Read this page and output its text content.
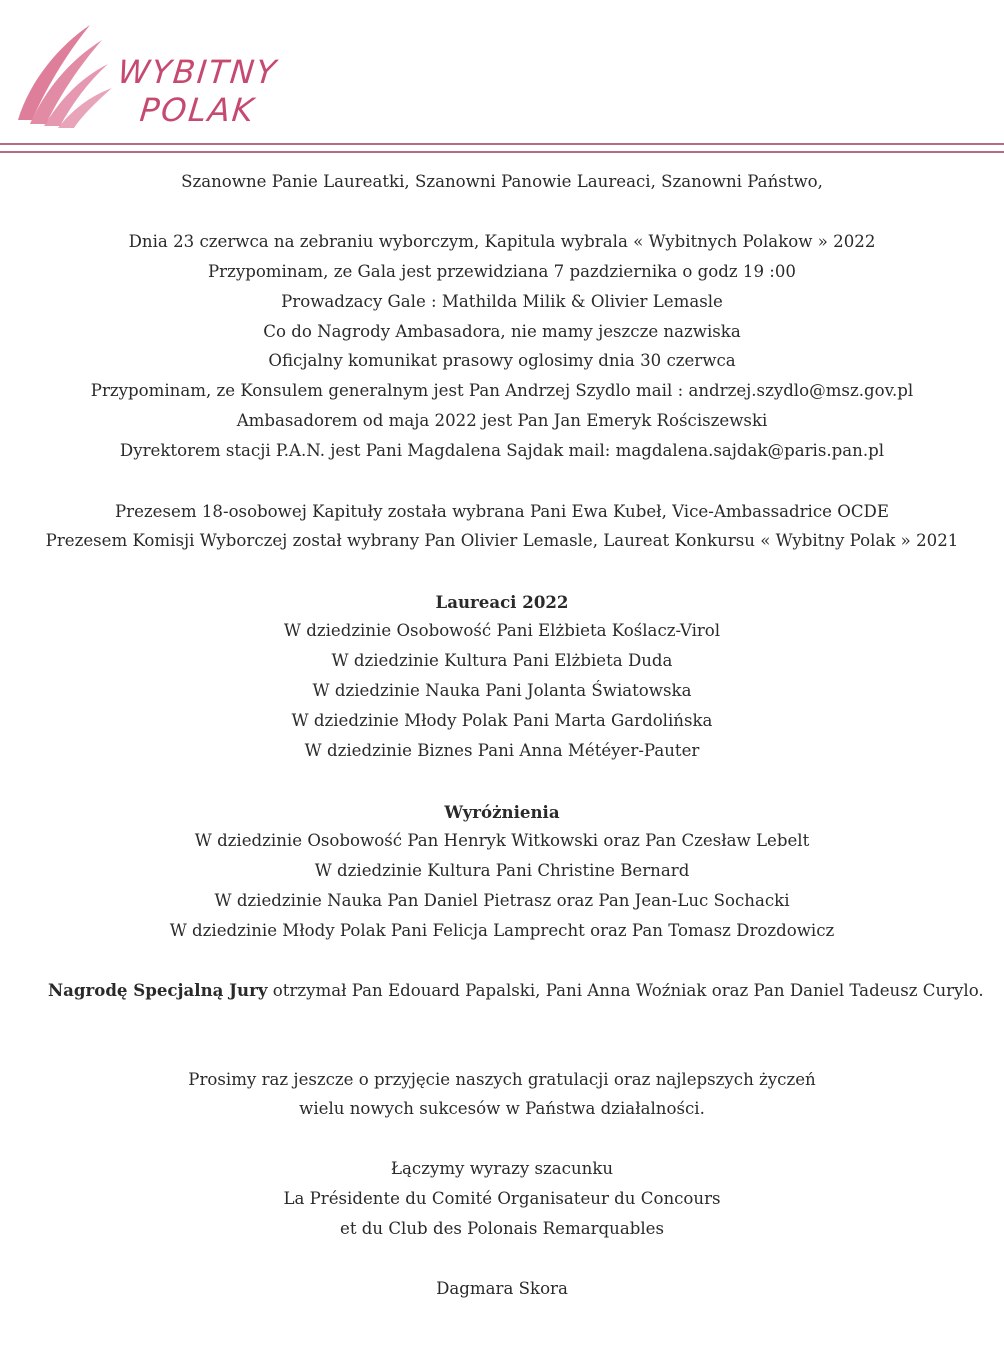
WYBITNY
POLAK
Szanowne Panie Laureatki, Szanowni Panowie Laureaci, Szanowni Państwo,
Dnia 23 czerwca na zebraniu wyborczym, Kapitula wybrala « Wybitnych Polakow » 2022
Przypominam, ze Gala jest przewidziana 7 pazdziernika o godz 19 :00
Prowadzacy Gale : Mathilda Milik & Olivier Lemasle
Co do Nagrody Ambasadora, nie mamy jeszcze nazwiska
Oficjalny komunikat prasowy oglosimy dnia 30 czerwca
Przypominam, ze Konsulem generalnym jest Pan Andrzej Szydlo mail : andrzej.szydlo@msz.gov.pl
Ambasadorem od maja 2022 jest Pan Jan Emeryk Rościszewski
Dyrektorem stacji P.A.N. jest Pani Magdalena Sajdak mail: magdalena.sajdak@paris.pan.pl
Prezesem 18-osobowej Kapituły została wybrana Pani Ewa Kubeł, Vice-Ambassadrice OCDE
Prezesem Komisji Wyborczej został wybrany Pan Olivier Lemasle, Laureat Konkursu « Wybitny Polak » 2021
Laureaci 2022
W dziedzinie Osobowość Pani Elżbieta Koślacz-Virol
W dziedzinie Kultura Pani Elżbieta Duda
W dziedzinie Nauka Pani Jolanta Światowska
W dziedzinie Młody Polak Pani Marta Gardolińska
W dziedzinie Biznes Pani Anna Météyer-Pauter
Wyróżnienia
W dziedzinie Osobowość Pan Henryk Witkowski oraz Pan Czesław Lebelt
W dziedzinie Kultura Pani Christine Bernard
W dziedzinie Nauka Pan Daniel Pietrasz oraz Pan Jean-Luc Sochacki
W dziedzinie Młody Polak Pani Felicja Lamprecht oraz Pan Tomasz Drozdowicz
Nagrodę Specjalną Jury otrzymał Pan Edouard Papalski, Pani Anna Woźniak oraz Pan Daniel Tadeusz Curylo.
Prosimy raz jeszcze o przyjęcie naszych gratulacji oraz najlepszych życzeń
wielu nowych sukcesów w Państwa działalności.
Łączymy wyrazy szacunku
La Présidente du Comité Organisateur du Concours
et du Club des Polonais Remarquables
Dagmara Skora
